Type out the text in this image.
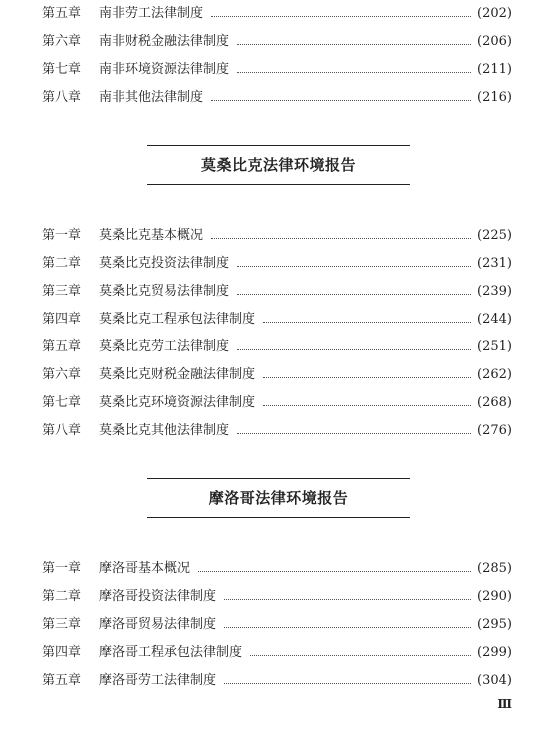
第五章	南非劳工法律制度	(202)
第六章	南非财税金融法律制度	(206)
第七章	南非环境资源法律制度	(211)
第八章	南非其他法律制度	(216)
莫桑比克法律环境报告
第一章	莫桑比克基本概况	(225)
第二章	莫桑比克投资法律制度	(231)
第三章	莫桑比克贸易法律制度	(239)
第四章	莫桑比克工程承包法律制度	(244)
第五章	莫桑比克劳工法律制度	(251)
第六章	莫桑比克财税金融法律制度	(262)
第七章	莫桑比克环境资源法律制度	(268)
第八章	莫桑比克其他法律制度	(276)
摩洛哥法律环境报告
第一章	摩洛哥基本概况	(285)
第二章	摩洛哥投资法律制度	(290)
第三章	摩洛哥贸易法律制度	(295)
第四章	摩洛哥工程承包法律制度	(299)
第五章	摩洛哥劳工法律制度	(304)
Ⅲ
